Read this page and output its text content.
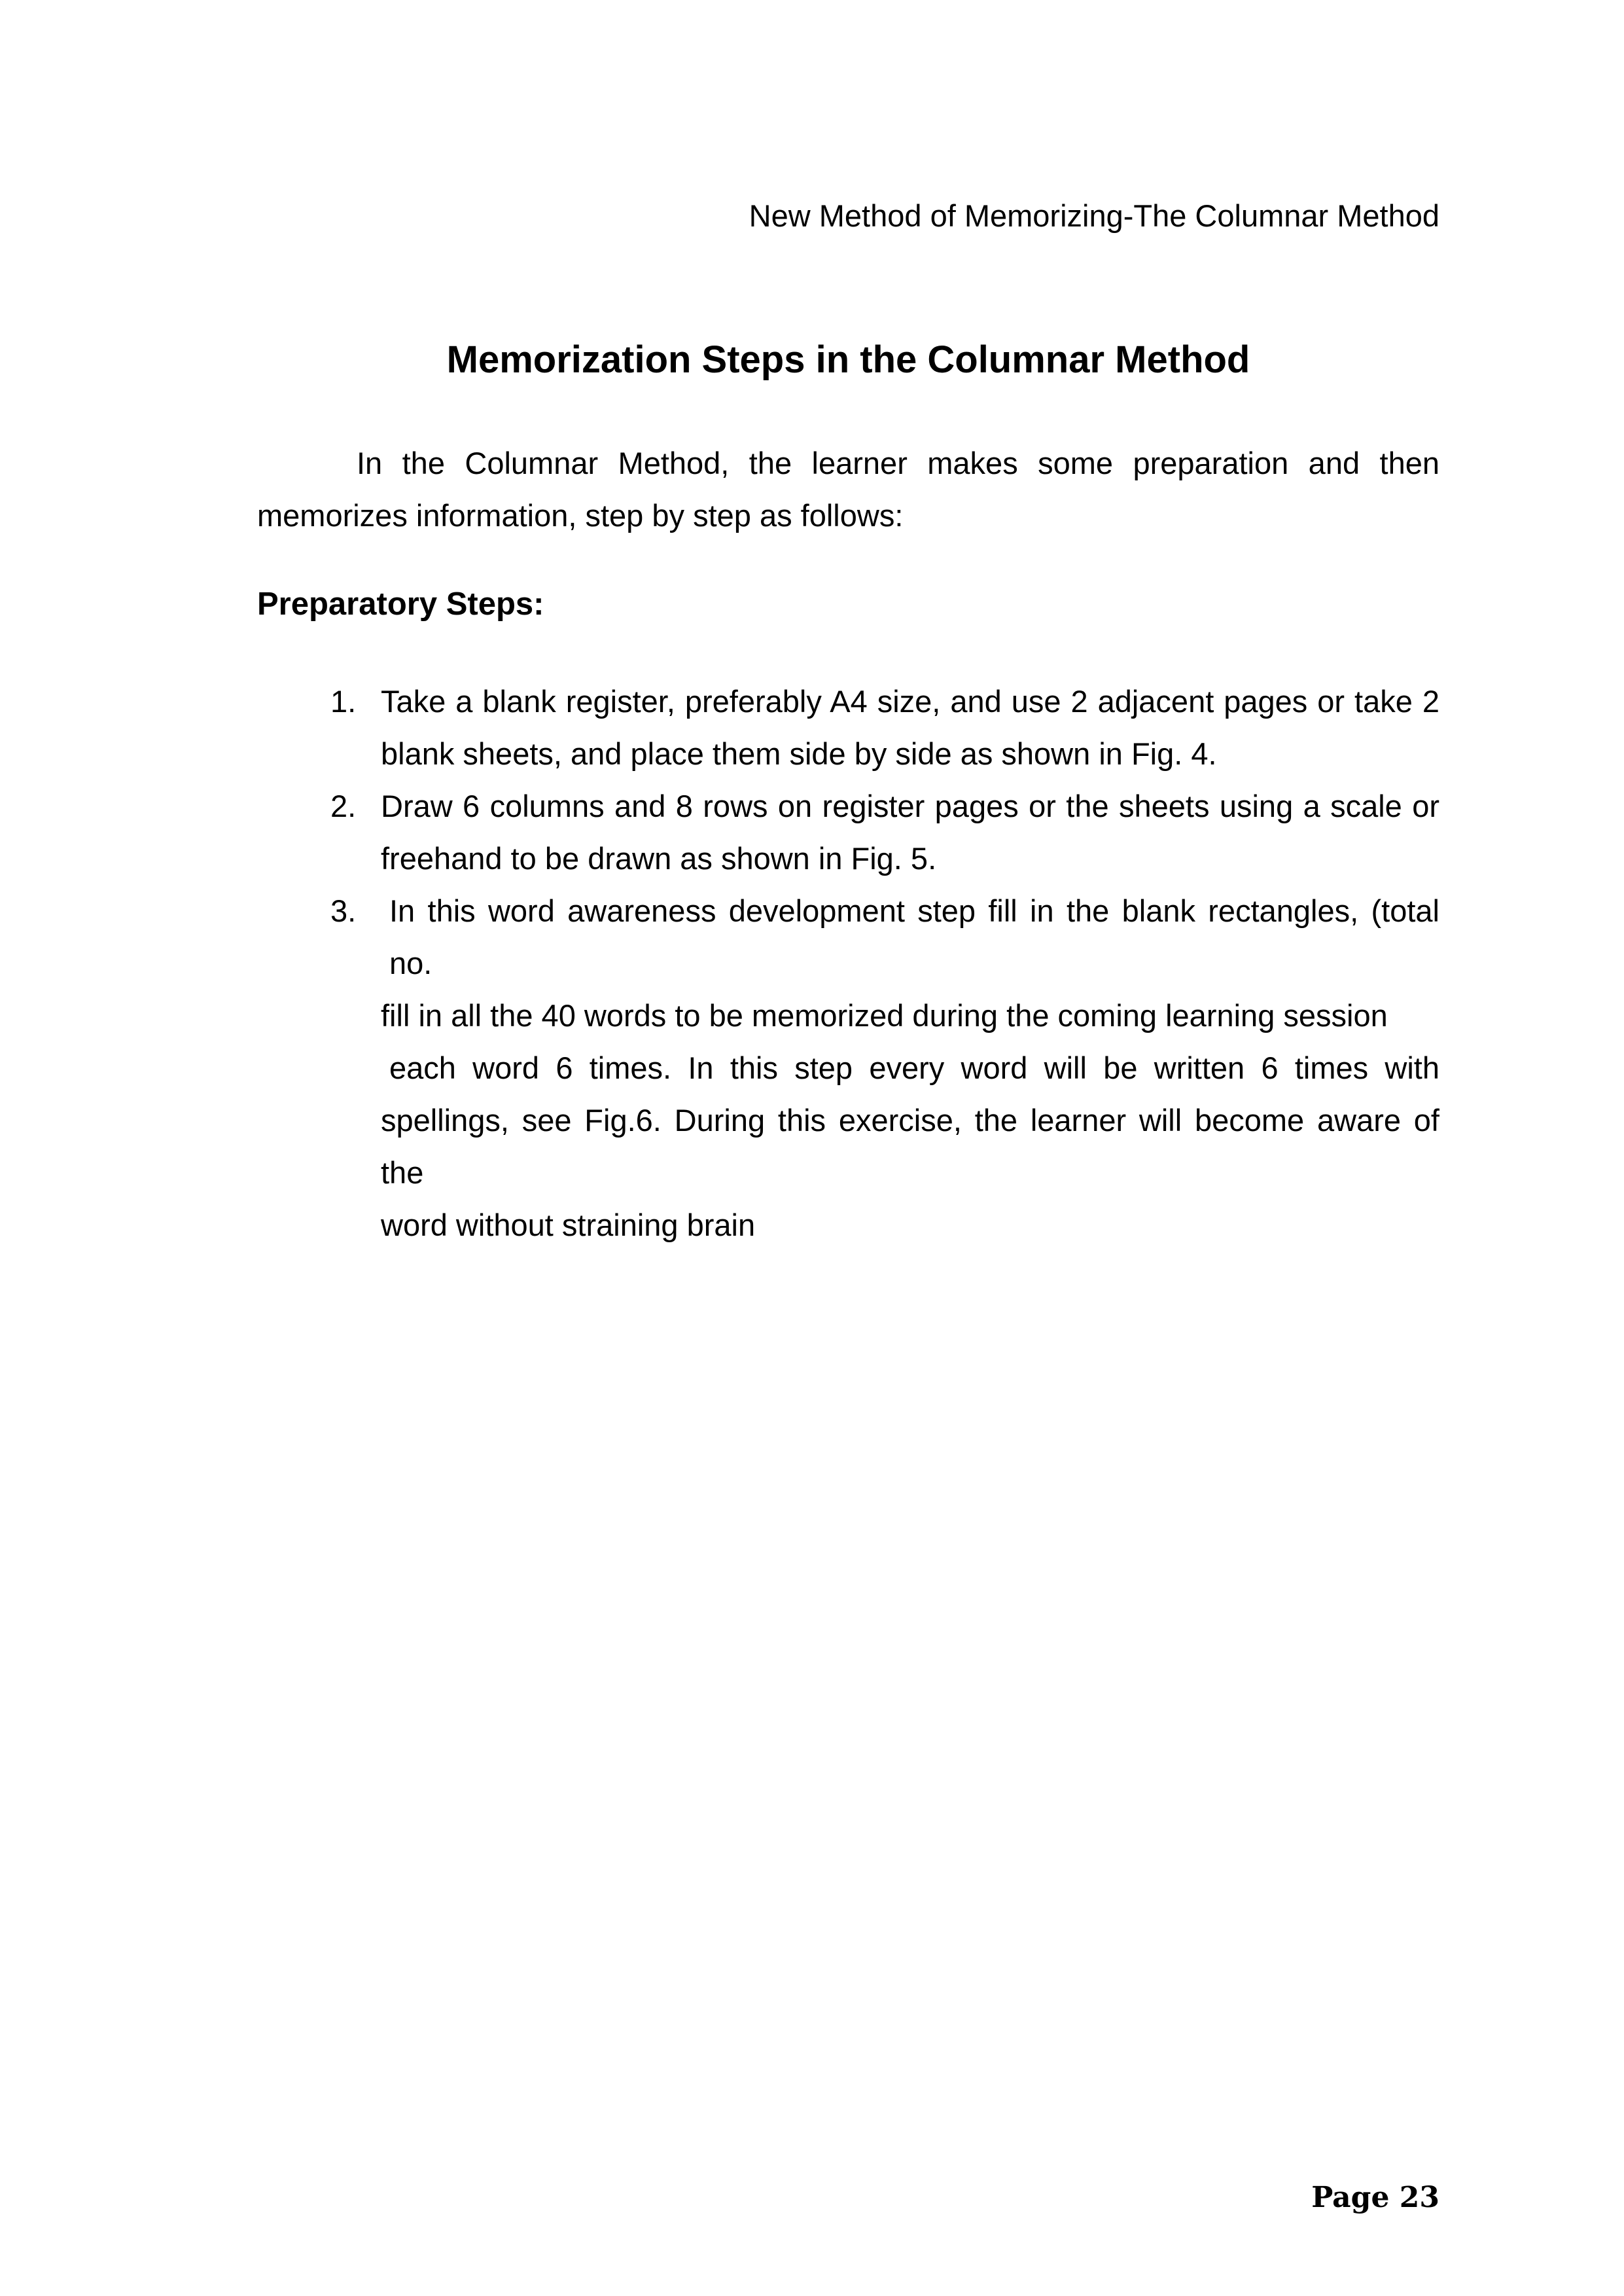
New Method of Memorizing-The Columnar Method
Memorization Steps in the Columnar Method

In the Columnar Method, the learner makes some preparation and then memorizes information, step by step as follows:

Preparatory Steps:
1. Take a blank register, preferably A4 size, and use 2 adjacent pages or take 2
blank sheets, and place them side by side as shown in Fig. 4.
2. Draw 6 columns and 8 rows on register pages or the sheets using a scale or
freehand to be drawn as shown in Fig. 5.
3. In this word awareness development step fill in the blank rectangles, (total no.
fill in all the 40 words to be memorized during the coming learning session
each word 6 times. In this step every word will be written 6 times with
spellings, see Fig.6. During this exercise, the learner will become aware of the
word without straining brain
Page 23
